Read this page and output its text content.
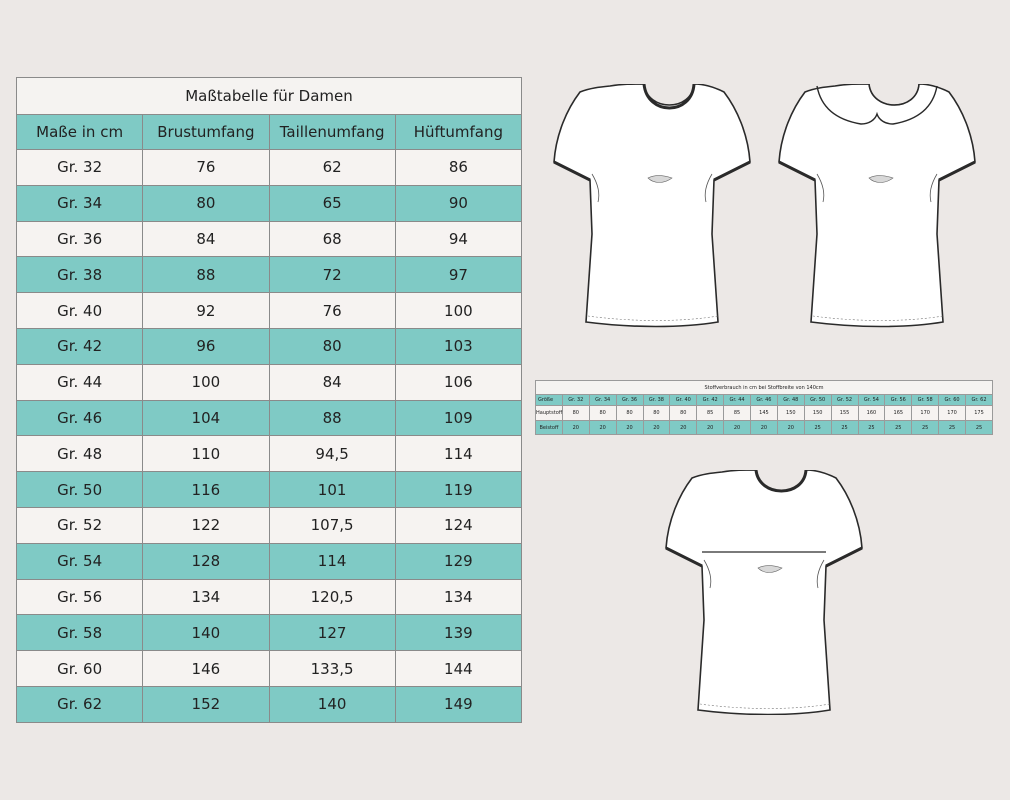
Maßtabelle für Damen			
Maße in cm	Brustumfang	Taillenumfang	Hüftumfang
Gr. 32	76	62	86
Gr. 34	80	65	90
Gr. 36	84	68	94
Gr. 38	88	72	97
Gr. 40	92	76	100
Gr. 42	96	80	103
Gr. 44	100	84	106
Gr. 46	104	88	109
Gr. 48	110	94,5	114
Gr. 50	116	101	119
Gr. 52	122	107,5	124
Gr. 54	128	114	129
Gr. 56	134	120,5	134
Gr. 58	140	127	139
Gr. 60	146	133,5	144
Gr. 62	152	140	149
Stoffverbrauch in cm bei Stoffbreite von 140cm																
Größe	Gr. 32	Gr. 34	Gr. 36	Gr. 38	Gr. 40	Gr. 42	Gr. 44	Gr. 46	Gr. 48	Gr. 50	Gr. 52	Gr. 54	Gr. 56	Gr. 58	Gr. 60	Gr. 62
Hauptstoff	80	80	80	80	80	85	85	145	150	150	155	160	165	170	170	175
Beistoff	20	20	20	20	20	20	20	20	20	25	25	25	25	25	25	25
